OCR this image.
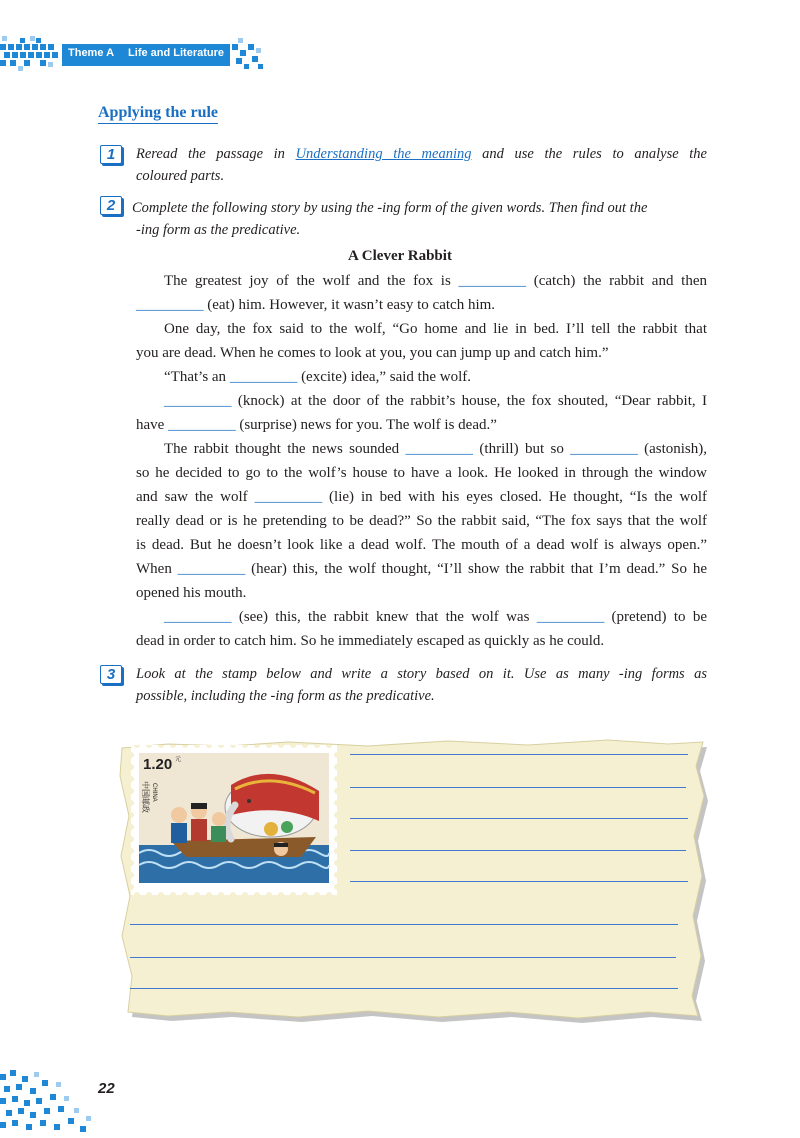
Theme A Life and Literature
Applying the rule
1	Reread the passage in Understanding the meaning and use the rules to analyse the
coloured parts.
2	Complete the following story by using the -ing form of the given words. Then find out the
-ing form as the predicative.
A Clever Rabbit
The greatest joy of the wolf and the fox is _________ (catch) the rabbit and then
_________ (eat) him. However, it wasn’t easy to catch him.
One day, the fox said to the wolf, “Go home and lie in bed. I’ll tell the rabbit that
you are dead. When he comes to look at you, you can jump up and catch him.”
“That’s an _________ (excite) idea,” said the wolf.
_________ (knock) at the door of the rabbit’s house, the fox shouted, “Dear rabbit, I
have _________ (surprise) news for you. The wolf is dead.”
The rabbit thought the news sounded _________ (thrill) but so _________ (astonish),
so he decided to go to the wolf’s house to have a look. He looked in through the window
and saw the wolf _________ (lie) in bed with his eyes closed. He thought, “Is the wolf
really dead or is he pretending to be dead?” So the rabbit said, “The fox says that the wolf
is dead. But he doesn’t look like a dead wolf. The mouth of a dead wolf is always open.”
When _________ (hear) this, the wolf thought, “I’ll show the rabbit that I’m dead.” So he
opened his mouth.
_________ (see) this, the rabbit knew that the wolf was _________ (pretend) to be
dead in order to catch him. So he immediately escaped as quickly as he could.
3	Look at the stamp below and write a story based on it. Use as many -ing forms as
possible, including the -ing form as the predicative.
1.20 元
CHINA
中国邮政
22
